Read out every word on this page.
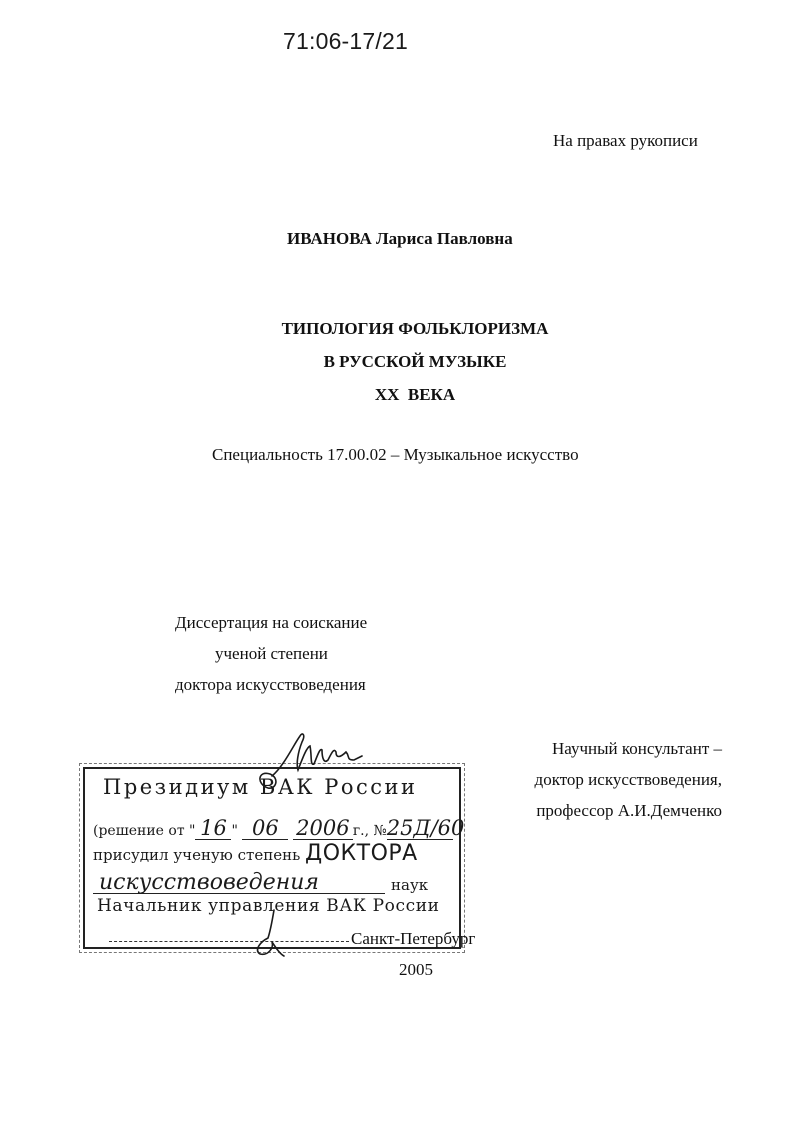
71:06-17/21
На правах рукописи
ИВАНОВА Лариса Павловна
ТИПОЛОГИЯ ФОЛЬКЛОРИЗМА
В РУССКОЙ МУЗЫКЕ
XX  ВЕКА
Специальность 17.00.02 – Музыкальное искусство
Диссертация на соискание
ученой степени
доктора искусствоведения
Научный консультант –
доктор искусствоведения,
профессор А.И.Демченко
Президиум ВАК России
(решение от " 16 " 06 2006 г., №25Д/60
присудил ученую степень ДОКТОРА
искусствоведения	наук
Начальник управления ВАК России
Санкт-Петербург
2005
